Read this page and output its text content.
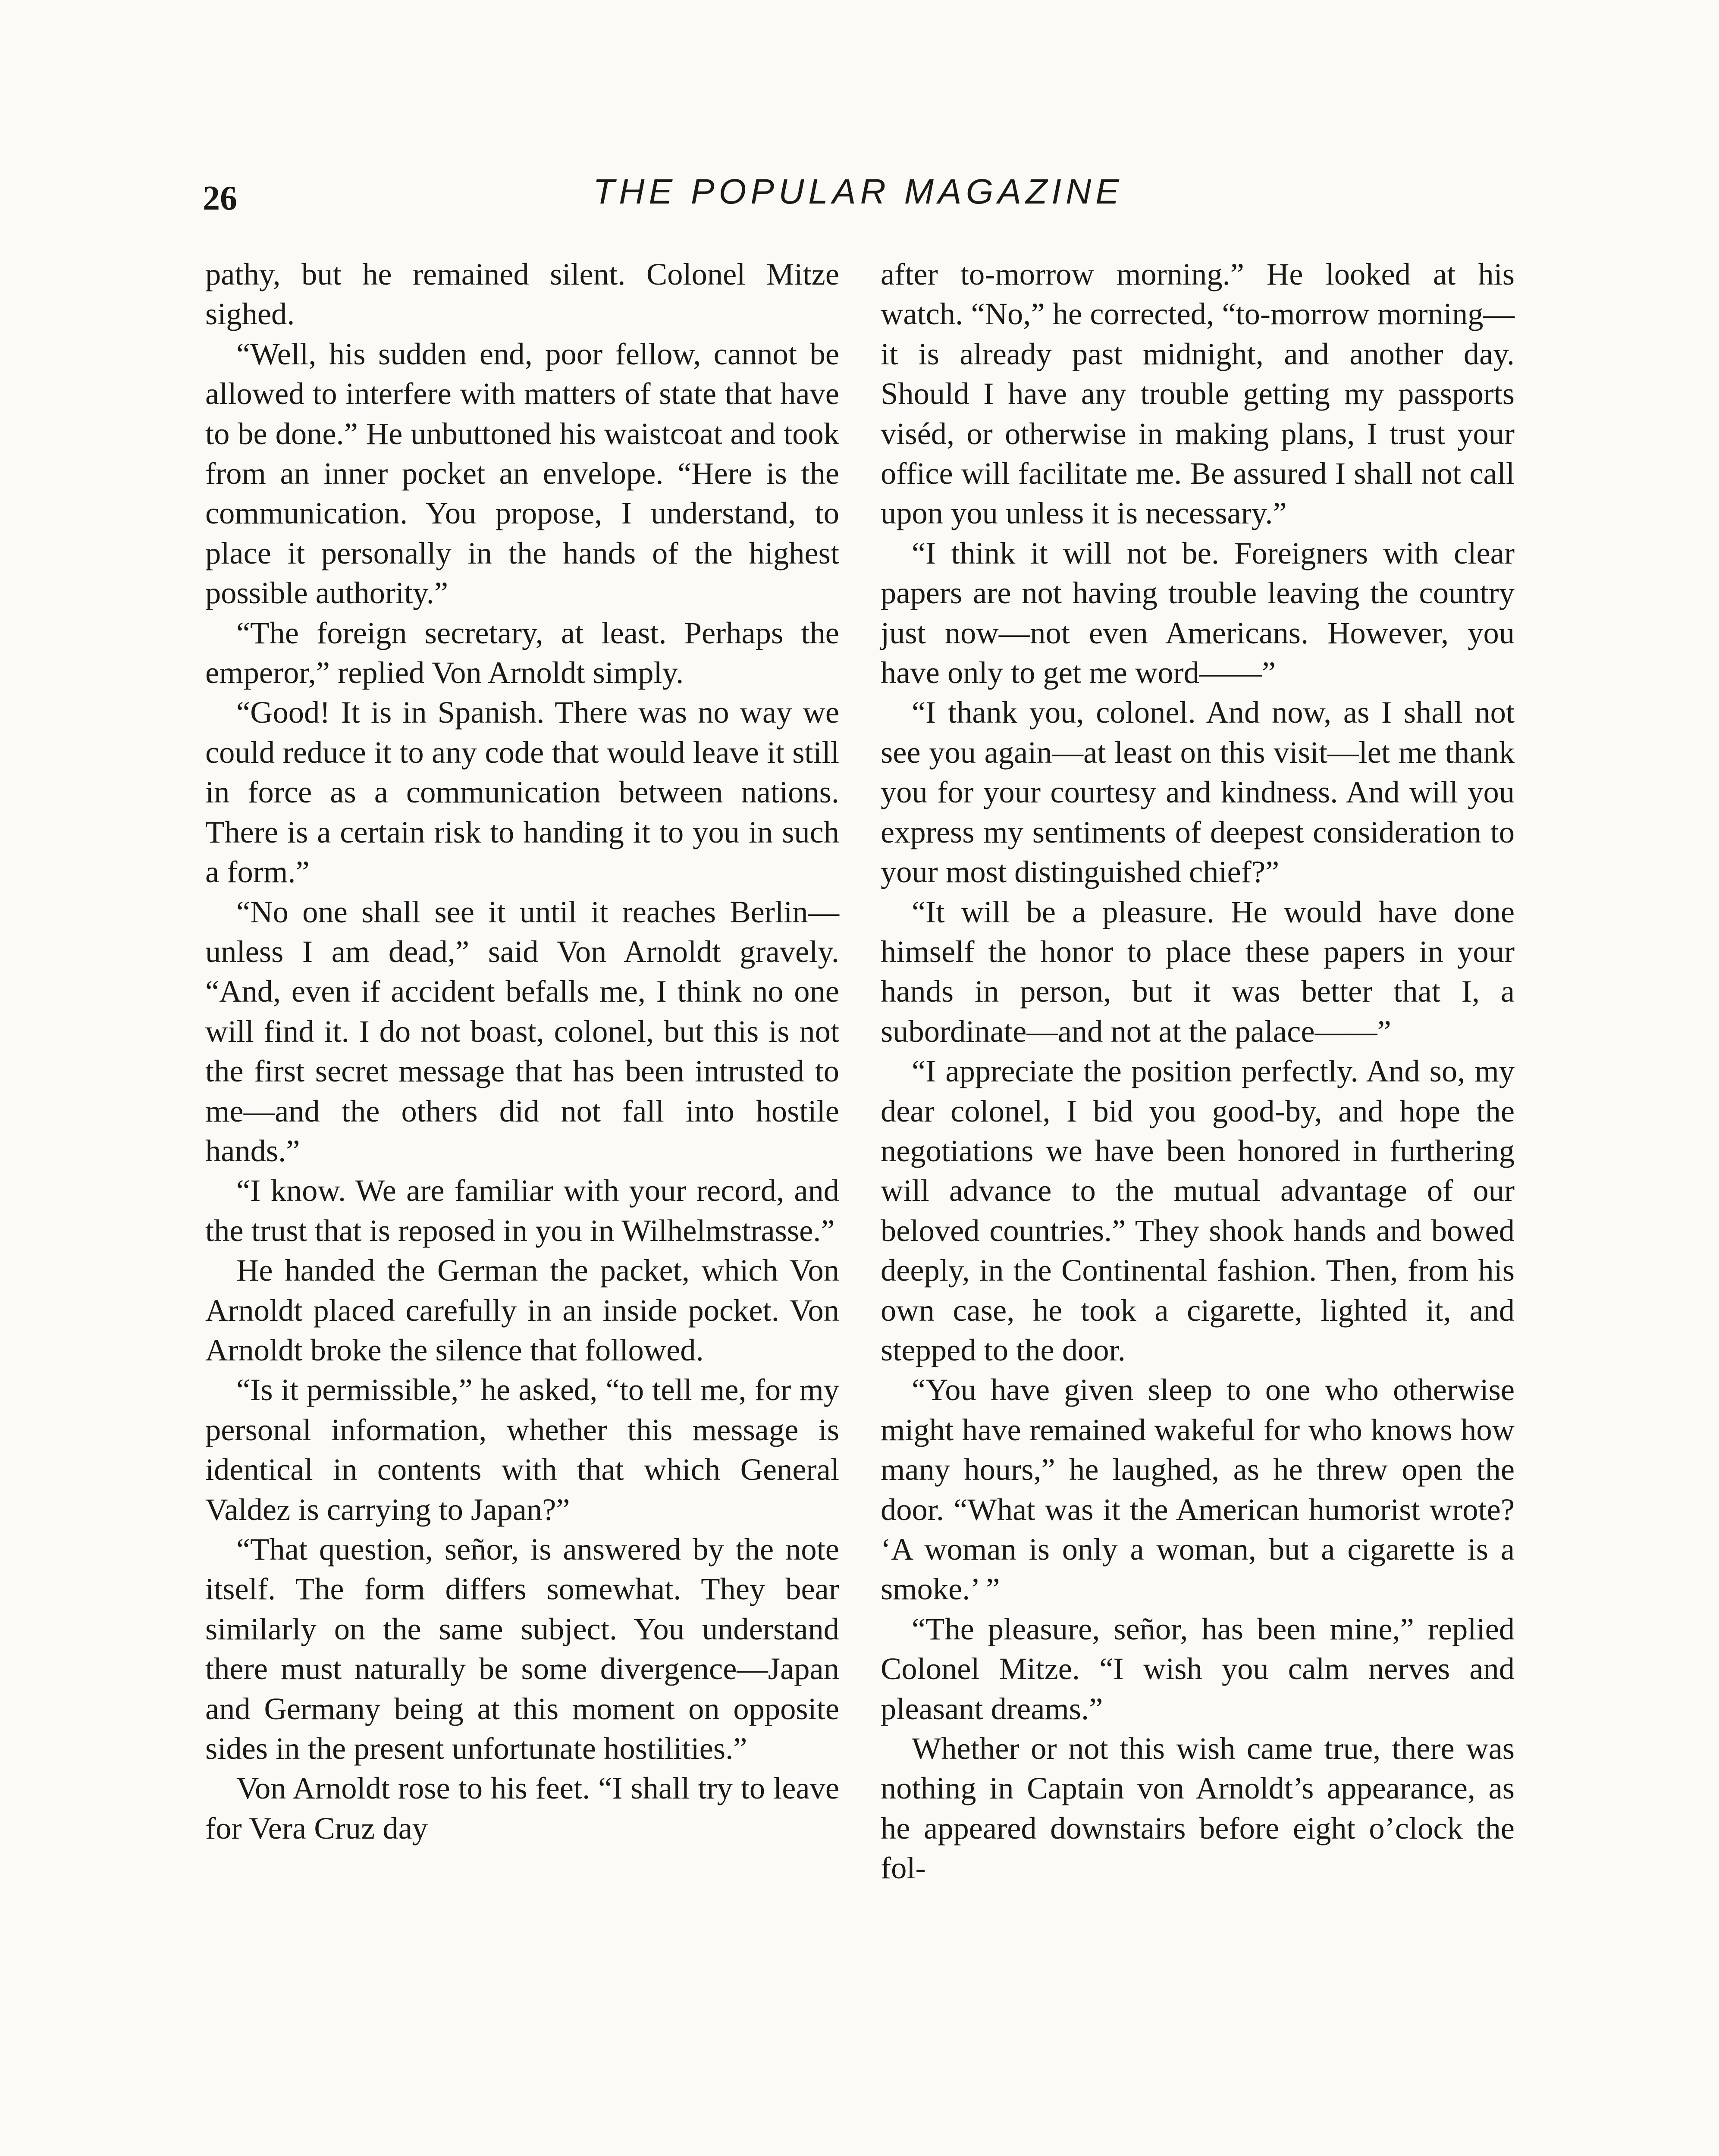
26	THE POPULAR MAGAZINE

pathy, but he remained silent. Colonel Mitze sighed.

“Well, his sudden end, poor fellow, cannot be allowed to interfere with matters of state that have to be done.” He unbuttoned his waistcoat and took from an inner pocket an envelope. “Here is the communication. You propose, I understand, to place it personally in the hands of the highest possible authority.”

“The foreign secretary, at least. Perhaps the emperor,” replied Von Arnoldt simply.

“Good! It is in Spanish. There was no way we could reduce it to any code that would leave it still in force as a communication between nations. There is a certain risk to handing it to you in such a form.”

“No one shall see it until it reaches Berlin—unless I am dead,” said Von Arnoldt gravely. “And, even if accident befalls me, I think no one will find it. I do not boast, colonel, but this is not the first secret message that has been intrusted to me—and the others did not fall into hostile hands.”

“I know. We are familiar with your record, and the trust that is reposed in you in Wilhelmstrasse.”

He handed the German the packet, which Von Arnoldt placed carefully in an inside pocket. Von Arnoldt broke the silence that followed.

“Is it permissible,” he asked, “to tell me, for my personal information, whether this message is identical in contents with that which General Valdez is carrying to Japan?”

“That question, señor, is answered by the note itself. The form differs somewhat. They bear similarly on the same subject. You understand there must naturally be some divergence—Japan and Germany being at this moment on opposite sides in the present unfortunate hostilities.”

Von Arnoldt rose to his feet. “I shall try to leave for Vera Cruz day

after to-morrow morning.” He looked at his watch. “No,” he corrected, “to-morrow morning—it is already past midnight, and another day. Should I have any trouble getting my passports viséd, or otherwise in making plans, I trust your office will facilitate me. Be assured I shall not call upon you unless it is necessary.”

“I think it will not be. Foreigners with clear papers are not having trouble leaving the country just now—not even Americans. However, you have only to get me word——”

“I thank you, colonel. And now, as I shall not see you again—at least on this visit—let me thank you for your courtesy and kindness. And will you express my sentiments of deepest consideration to your most distinguished chief?”

“It will be a pleasure. He would have done himself the honor to place these papers in your hands in person, but it was better that I, a subordinate—and not at the palace——”

“I appreciate the position perfectly. And so, my dear colonel, I bid you good-by, and hope the negotiations we have been honored in furthering will advance to the mutual advantage of our beloved countries.” They shook hands and bowed deeply, in the Continental fashion. Then, from his own case, he took a cigarette, lighted it, and stepped to the door.

“You have given sleep to one who otherwise might have remained wakeful for who knows how many hours,” he laughed, as he threw open the door. “What was it the American humorist wrote? ‘A woman is only a woman, but a cigarette is a smoke.’ ”

“The pleasure, señor, has been mine,” replied Colonel Mitze. “I wish you calm nerves and pleasant dreams.”

Whether or not this wish came true, there was nothing in Captain von Arnoldt’s appearance, as he appeared downstairs before eight o’clock the fol-
